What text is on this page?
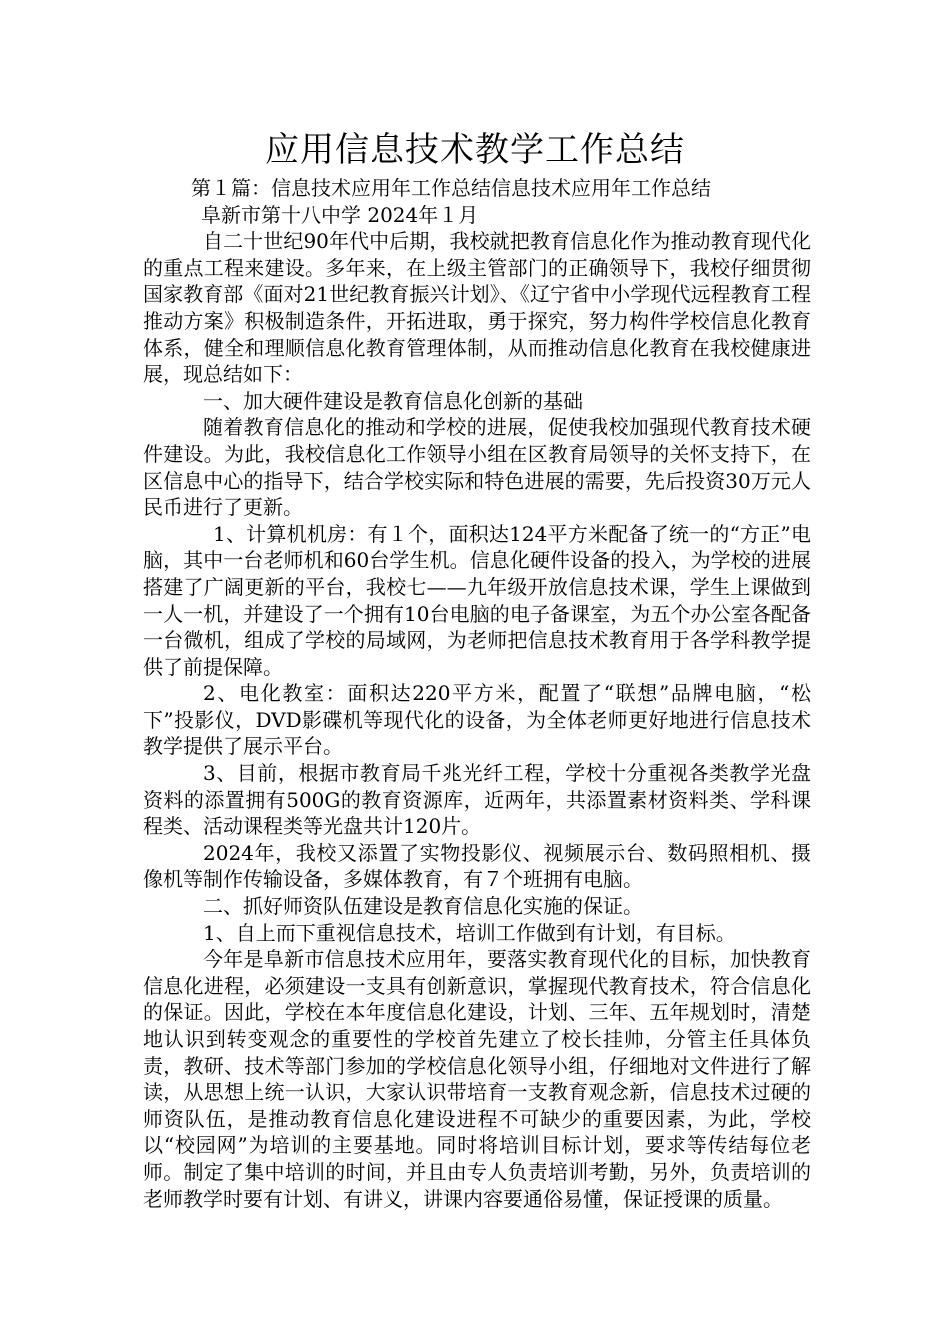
应用信息技术教学工作总结

第１篇：信息技术应用年工作总结信息技术应用年工作总结

阜新市第十八中学 2024年１月

自二十世纪90年代中后期，我校就把教育信息化作为推动教育现代化的重点工程来建设。多年来，在上级主管部门的正确领导下，我校仔细贯彻国家教育部《面对21世纪教育振兴计划》、《辽宁省中小学现代远程教育工程推动方案》积极制造条件，开拓进取，勇于探究，努力构件学校信息化教育体系，健全和理顺信息化教育管理体制，从而推动信息化教育在我校健康进展，现总结如下：

一、加大硬件建设是教育信息化创新的基础

随着教育信息化的推动和学校的进展，促使我校加强现代教育技术硬件建设。为此，我校信息化工作领导小组在区教育局领导的关怀支持下，在区信息中心的指导下，结合学校实际和特色进展的需要，先后投资30万元人民币进行了更新。

1、计算机机房：有１个，面积达124平方米配备了统一的“方正”电脑，其中一台老师机和60台学生机。信息化硬件设备的投入，为学校的进展搭建了广阔更新的平台，我校七——九年级开放信息技术课，学生上课做到一人一机，并建设了一个拥有10台电脑的电子备课室，为五个办公室各配备一台微机，组成了学校的局域网，为老师把信息技术教育用于各学科教学提供了前提保障。

2、电化教室：面积达220平方米，配置了“联想”品牌电脑，“松下”投影仪，DVD影碟机等现代化的设备，为全体老师更好地进行信息技术教学提供了展示平台。

3、目前，根据市教育局千兆光纤工程，学校十分重视各类教学光盘资料的添置拥有500G的教育资源库，近两年，共添置素材资料类、学科课程类、活动课程类等光盘共计120片。

2024年，我校又添置了实物投影仪、视频展示台、数码照相机、摄像机等制作传输设备，多媒体教育，有７个班拥有电脑。

二、抓好师资队伍建设是教育信息化实施的保证。

1、自上而下重视信息技术，培训工作做到有计划，有目标。

今年是阜新市信息技术应用年，要落实教育现代化的目标，加快教育信息化进程，必须建设一支具有创新意识，掌握现代教育技术，符合信息化的保证。因此，学校在本年度信息化建设，计划、三年、五年规划时，清楚地认识到转变观念的重要性的学校首先建立了校长挂帅，分管主任具体负责，教研、技术等部门参加的学校信息化领导小组，仔细地对文件进行了解读，从思想上统一认识，大家认识带培育一支教育观念新，信息技术过硬的师资队伍，是推动教育信息化建设进程不可缺少的重要因素，为此，学校以“校园网”为培训的主要基地。同时将培训目标计划，要求等传结每位老师。制定了集中培训的时间，并且由专人负责培训考勤，另外，负责培训的老师教学时要有计划、有讲义，讲课内容要通俗易懂，保证授课的质量。
